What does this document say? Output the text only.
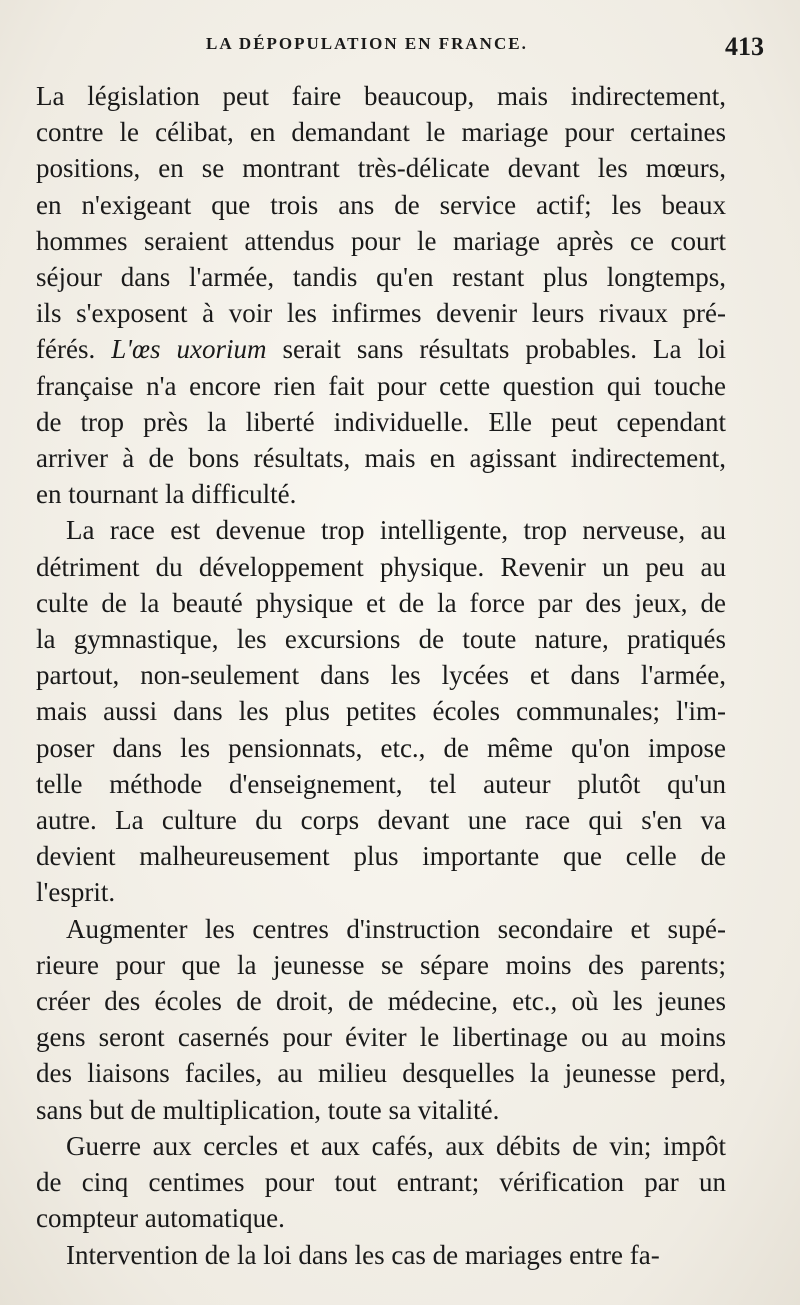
LA DÉPOPULATION EN FRANCE.	413
La législation peut faire beaucoup, mais indirectement,
contre le célibat, en demandant le mariage pour certaines
positions, en se montrant très-délicate devant les mœurs,
en n'exigeant que trois ans de service actif; les beaux
hommes seraient attendus pour le mariage après ce court
séjour dans l'armée, tandis qu'en restant plus longtemps,
ils s'exposent à voir les infirmes devenir leurs rivaux pré-
férés. L'œs uxorium serait sans résultats probables. La loi
française n'a encore rien fait pour cette question qui touche
de trop près la liberté individuelle. Elle peut cependant
arriver à de bons résultats, mais en agissant indirectement,
en tournant la difficulté.
La race est devenue trop intelligente, trop nerveuse, au
détriment du développement physique. Revenir un peu au
culte de la beauté physique et de la force par des jeux, de
la gymnastique, les excursions de toute nature, pratiqués
partout, non-seulement dans les lycées et dans l'armée,
mais aussi dans les plus petites écoles communales; l'im-
poser dans les pensionnats, etc., de même qu'on impose
telle méthode d'enseignement, tel auteur plutôt qu'un
autre. La culture du corps devant une race qui s'en va
devient malheureusement plus importante que celle de
l'esprit.
Augmenter les centres d'instruction secondaire et supé-
rieure pour que la jeunesse se sépare moins des parents;
créer des écoles de droit, de médecine, etc., où les jeunes
gens seront casernés pour éviter le libertinage ou au moins
des liaisons faciles, au milieu desquelles la jeunesse perd,
sans but de multiplication, toute sa vitalité.
Guerre aux cercles et aux cafés, aux débits de vin; impôt
de cinq centimes pour tout entrant; vérification par un
compteur automatique.
Intervention de la loi dans les cas de mariages entre fa-
